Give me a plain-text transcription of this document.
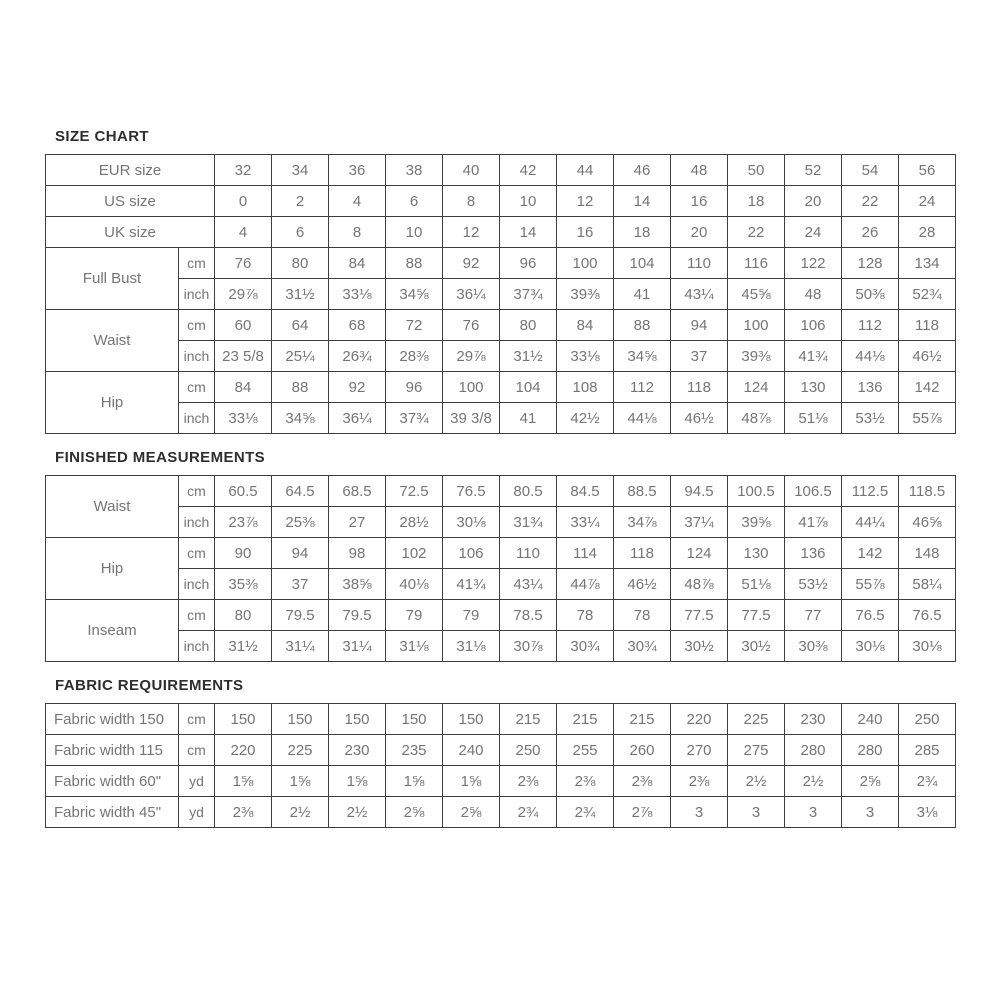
SIZE CHART
EUR size		32	34	36	38	40	42	44	46	48	50	52	54	56
US size		0	2	4	6	8	10	12	14	16	18	20	22	24
UK size		4	6	8	10	12	14	16	18	20	22	24	26	28
Full Bust	cm	76	80	84	88	92	96	100	104	110	116	122	128	134
	inch	29⅞	31½	33⅛	34⅝	36¼	37¾	39⅜	41	43¼	45⅝	48	50⅜	52¾
Waist	cm	60	64	68	72	76	80	84	88	94	100	106	112	118
	inch	23 5/8	25¼	26¾	28⅜	29⅞	31½	33⅛	34⅝	37	39⅜	41¾	44⅛	46½
Hip	cm	84	88	92	96	100	104	108	112	118	124	130	136	142
	inch	33⅛	34⅝	36¼	37¾	39 3/8	41	42½	44⅛	46½	48⅞	51⅛	53½	55⅞
FINISHED MEASUREMENTS
Waist	cm	60.5	64.5	68.5	72.5	76.5	80.5	84.5	88.5	94.5	100.5	106.5	112.5	118.5
	inch	23⅞	25⅜	27	28½	30⅛	31¾	33¼	34⅞	37¼	39⅝	41⅞	44¼	46⅝
Hip	cm	90	94	98	102	106	110	114	118	124	130	136	142	148
	inch	35⅜	37	38⅝	40⅛	41¾	43¼	44⅞	46½	48⅞	51⅛	53½	55⅞	58¼
Inseam	cm	80	79.5	79.5	79	79	78.5	78	78	77.5	77.5	77	76.5	76.5
	inch	31½	31¼	31¼	31⅛	31⅛	30⅞	30¾	30¾	30½	30½	30⅜	30⅛	30⅛
FABRIC REQUIREMENTS
Fabric width 150	cm	150	150	150	150	150	215	215	215	220	225	230	240	250
Fabric width 115	cm	220	225	230	235	240	250	255	260	270	275	280	280	285
Fabric width 60"	yd	1⅝	1⅝	1⅝	1⅝	1⅝	2⅜	2⅜	2⅜	2⅜	2½	2½	2⅝	2¾
Fabric width 45"	yd	2⅜	2½	2½	2⅝	2⅝	2¾	2¾	2⅞	3	3	3	3	3⅛
